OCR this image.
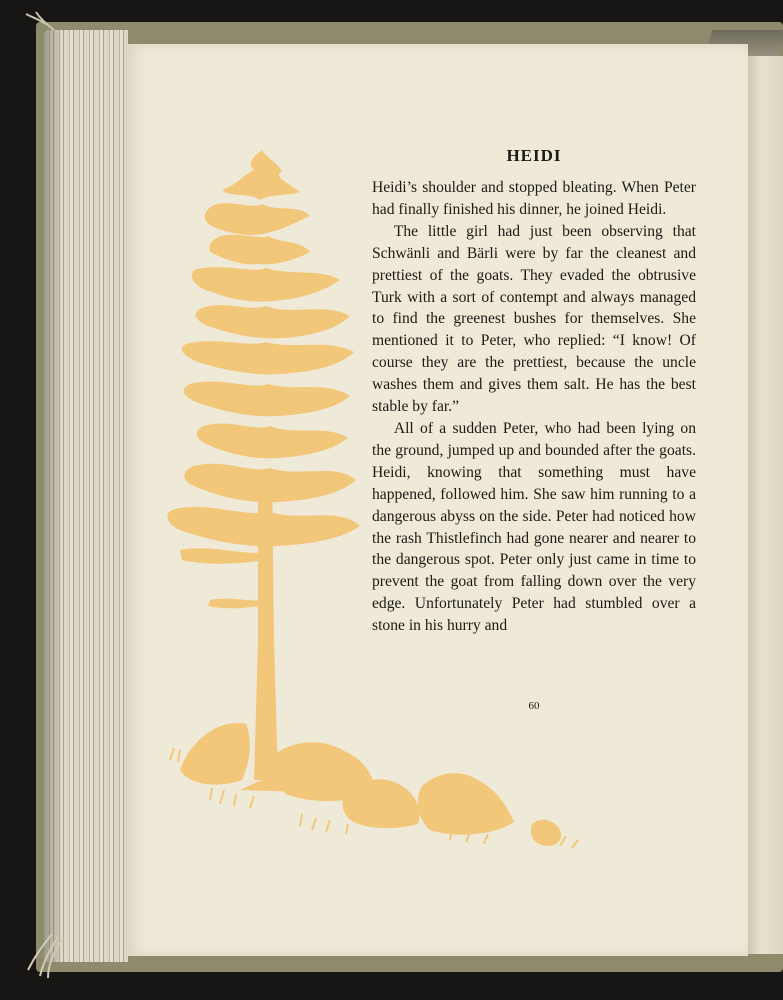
HEIDI

Heidi’s shoulder and stopped bleating. When Peter had finally finished his dinner, he joined Heidi.

The little girl had just been observing that Schwänli and Bärli were by far the cleanest and prettiest of the goats. They evaded the obtrusive Turk with a sort of contempt and always managed to find the greenest bushes for themselves. She mentioned it to Peter, who replied: “I know! Of course they are the prettiest, because the uncle washes them and gives them salt. He has the best stable by far.”

All of a sudden Peter, who had been lying on the ground, jumped up and bounded after the goats. Heidi, knowing that something must have happened, followed him. She saw him running to a dangerous abyss on the side. Peter had noticed how the rash Thistlefinch had gone nearer and nearer to the dangerous spot. Peter only just came in time to prevent the goat from falling down over the very edge. Unfortunately Peter had stumbled over a stone in his hurry and

60
